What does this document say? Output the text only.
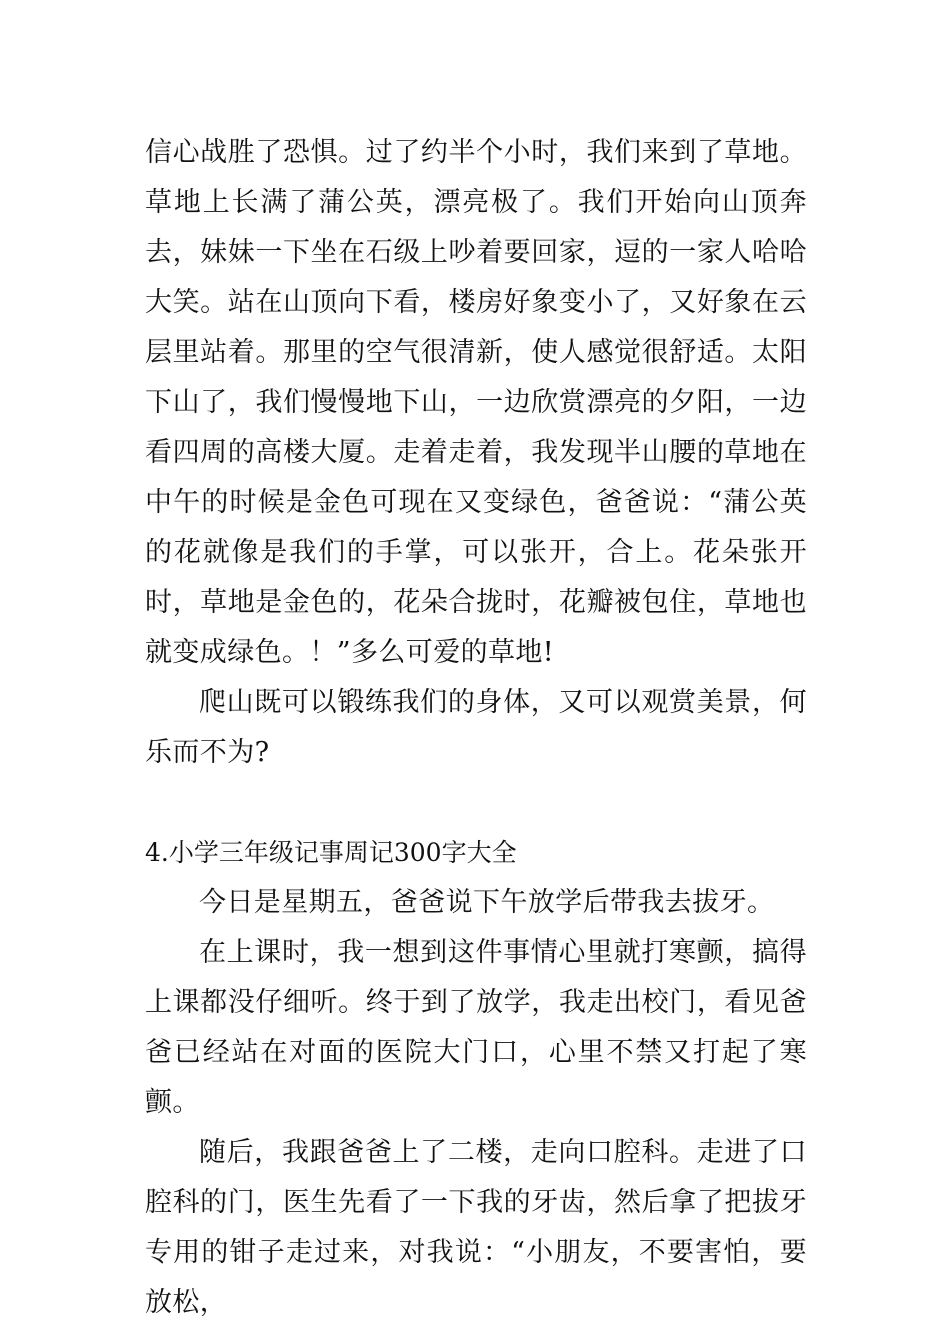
信心战胜了恐惧。过了约半个小时，我们来到了草地。草地上长满了蒲公英，漂亮极了。我们开始向山顶奔去，妹妹一下坐在石级上吵着要回家，逗的一家人哈哈大笑。站在山顶向下看，楼房好象变小了，又好象在云层里站着。那里的空气很清新，使人感觉很舒适。太阳下山了，我们慢慢地下山，一边欣赏漂亮的夕阳，一边看四周的高楼大厦。走着走着，我发现半山腰的草地在中午的时候是金色可现在又变绿色，爸爸说：“蒲公英的花就像是我们的手掌，可以张开，合上。花朵张开时，草地是金色的，花朵合拢时，花瓣被包住，草地也就变成绿色。！”多么可爱的草地!

爬山既可以锻练我们的身体，又可以观赏美景，何乐而不为?

4.小学三年级记事周记300字大全

今日是星期五，爸爸说下午放学后带我去拔牙。

在上课时，我一想到这件事情心里就打寒颤，搞得上课都没仔细听。终于到了放学，我走出校门，看见爸爸已经站在对面的医院大门口，心里不禁又打起了寒颤。

随后，我跟爸爸上了二楼，走向口腔科。走进了口腔科的门，医生先看了一下我的牙齿，然后拿了把拔牙专用的钳子走过来，对我说：“小朋友，不要害怕，要放松，
